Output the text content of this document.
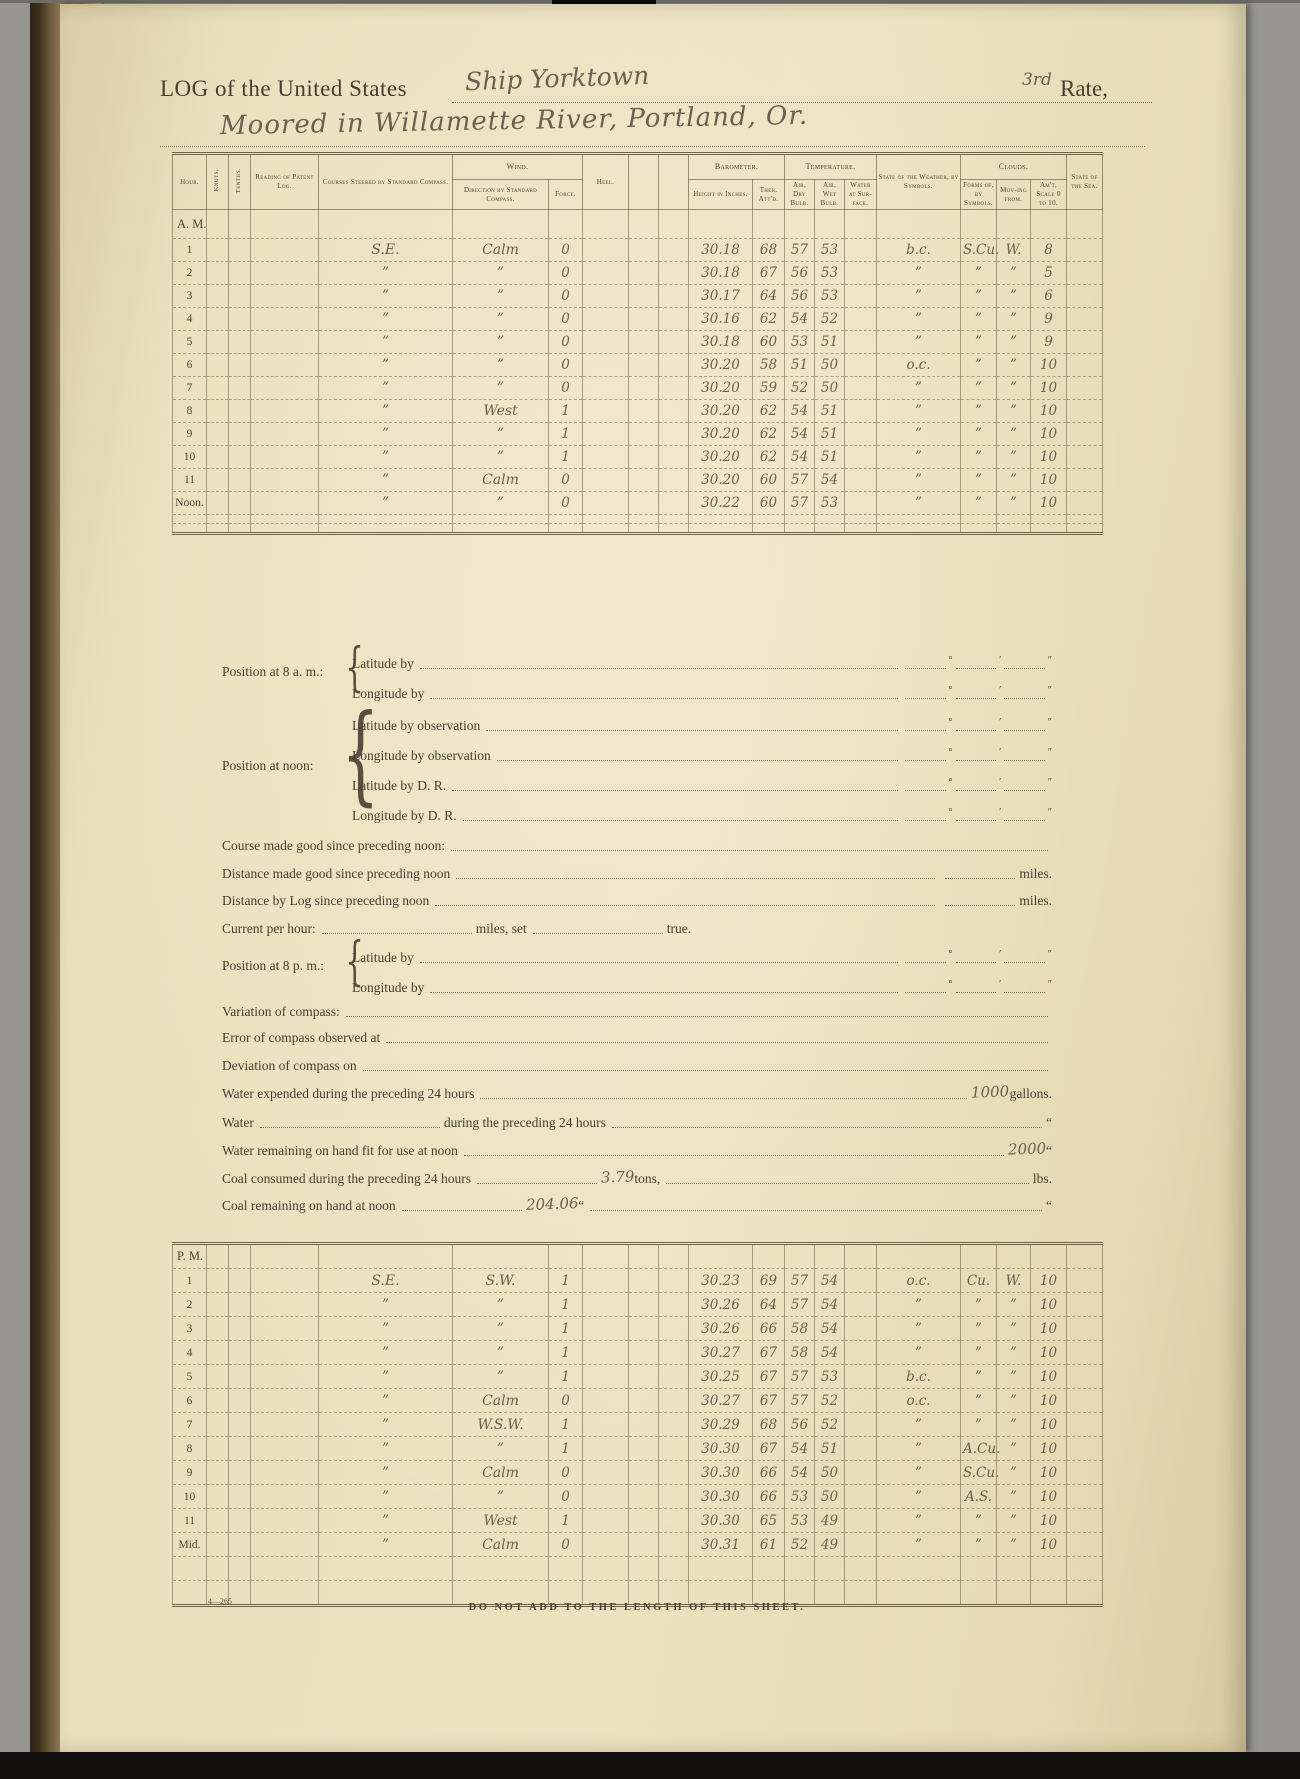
LOG of the United States Ship Yorktown	3rd Rate,
Moored in Willamette River, Portland, Or.
Hour.	Knots.	Tenths.	Reading of Patent Log.	Courses Steered by Standard Compass.	Wind.		Heel.			Barometer.		Temperature.			State of the Weather, by Symbols.	Clouds.			State of the Sea.
					Direction by Standard Compass.	Force.				Height in Inches.	Ther. Att'd.	Air, Dry Bulb.	Air, Wet Bulb.	Water at Sur-face.		Forms of, by Symbols.	Mov-ing from.	Am't, Scale 0 to 10.	
A. M.																			
1				S.E.	Calm	0				30.18	68	57	53		b.c.	S.Cu.	W.	8	
2				”	”	0				30.18	67	56	53		”	”	”	5	
3				”	”	0				30.17	64	56	53		”	”	”	6	
4				”	”	0				30.16	62	54	52		”	”	”	9	
5				”	”	0				30.18	60	53	51		”	”	”	9	
6				”	”	0				30.20	58	51	50		o.c.	”	”	10	
7				”	”	0				30.20	59	52	50		”	”	”	10	
8				”	West	1				30.20	62	54	51		”	”	”	10	
9				”	”	1				30.20	62	54	51		”	”	”	10	
10				”	”	1				30.20	62	54	51		”	”	”	10	
11				”	Calm	0				30.20	60	57	54		”	”	”	10	
Noon.				”	”	0				30.22	60	57	53		”	”	”	10	

P. M.																			
1				S.E.	S.W.	1				30.23	69	57	54		o.c.	Cu.	W.	10	
2				”	”	1				30.26	64	57	54		”	”	”	10	
3				”	”	1				30.26	66	58	54		”	”	”	10	
4				”	”	1				30.27	67	58	54		”	”	”	10	
5				”	”	1				30.25	67	57	53		b.c.	”	”	10	
6				”	Calm	0				30.27	67	57	52		o.c.	”	”	10	
7				”	W.S.W.	1				30.29	68	56	52		”	”	”	10	
8				”	”	1				30.30	67	54	51		”	A.Cu.	”	10	
9				”	Calm	0				30.30	66	54	50		”	S.Cu.	”	10	
10				”	”	0				30.30	66	53	50		”	A.S.	”	10	
11				”	West	1				30.30	65	53	49		”	”	”	10	
Mid.				”	Calm	0				30.31	61	52	49		”	”	”	10	

Position at 8 a. m.: {
Latitude by	°	′	″
Longitude by	°	′	″
Position at noon: {
Latitude by observation	°	′	″
Longitude by observation	°	′	″
Latitude by D. R.	°	′	″
Longitude by D. R.	°	′	″
Course made good since preceding noon:
Distance made good since preceding noon	miles.
Distance by Log since preceding noon	miles.
Current per hour:	miles, set	true.
Position at 8 p. m.: {
Latitude by	°	′	″
Longitude by	°	′	″
Variation of compass:
Error of compass observed at
Deviation of compass on
Water expended during the preceding 24 hours	1000 gallons.
Water	during the preceding 24 hours	“
Water remaining on hand fit for use at noon	2000 “
Coal consumed during the preceding 24 hours	3.79 tons,	lbs.
Coal remaining on hand at noon	204.06 “	“
4—265
DO NOT ADD TO THE LENGTH OF THIS SHEET.
